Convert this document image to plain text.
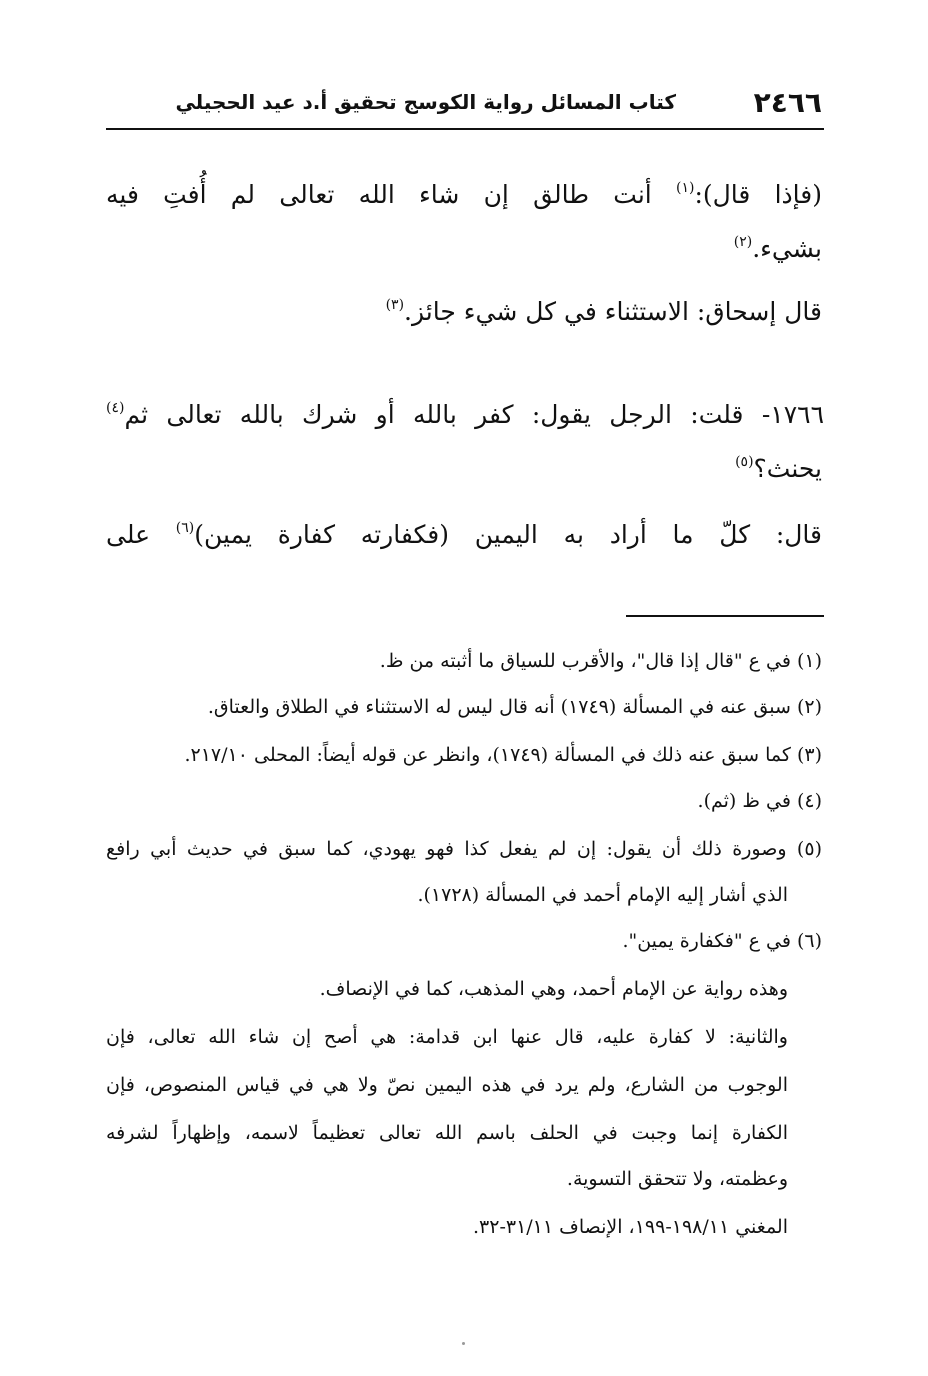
٢٤٦٦
كتاب المسائل رواية الكوسج تحقيق أ.د عيد الحجيلي
(فإذا قال):$^{(١)}$ أنت طالق إن شاء الله تعالى لم أُفتِ فيه
بشيء.$^{(٢)}$
قال إسحاق: الاستثناء في كل شيء جائز.$^{(٣)}$
١٧٦٦- قلت: الرجل يقول: كفر بالله أو شرك بالله تعالى ثم$^{(٤)}$
يحنث؟$^{(٥)}$
قال: كلّ ما أراد به اليمين (فكفارته كفارة يمين)$^{(٦)}$ على
(١) في ع "قال إذا قال"، والأقرب للسياق ما أثبته من ظ.
(٢) سبق عنه في المسألة (١٧٤٩) أنه قال ليس له الاستثناء في الطلاق والعتاق.
(٣) كما سبق عنه ذلك في المسألة (١٧٤٩)، وانظر عن قوله أيضاً: المحلى ٢١٧/١٠.
(٤) في ظ (ثم).
(٥) وصورة ذلك أن يقول: إن لم يفعل كذا فهو يهودي، كما سبق في حديث أبي رافع
الذي أشار إليه الإمام أحمد في المسألة (١٧٢٨).
(٦) في ع "فكفارة يمين".
وهذه رواية عن الإمام أحمد، وهي المذهب، كما في الإنصاف.
والثانية: لا كفارة عليه، قال عنها ابن قدامة: هي أصح إن شاء الله تعالى، فإن
الوجوب من الشارع، ولم يرد في هذه اليمين نصّ ولا هي في قياس المنصوص، فإن
الكفارة إنما وجبت في الحلف باسم الله تعالى تعظيماً لاسمه، وإظهاراً لشرفه
وعظمته، ولا تتحقق التسوية.
المغني ١٩٨/١١-١٩٩، الإنصاف ٣١/١١-٣٢.
